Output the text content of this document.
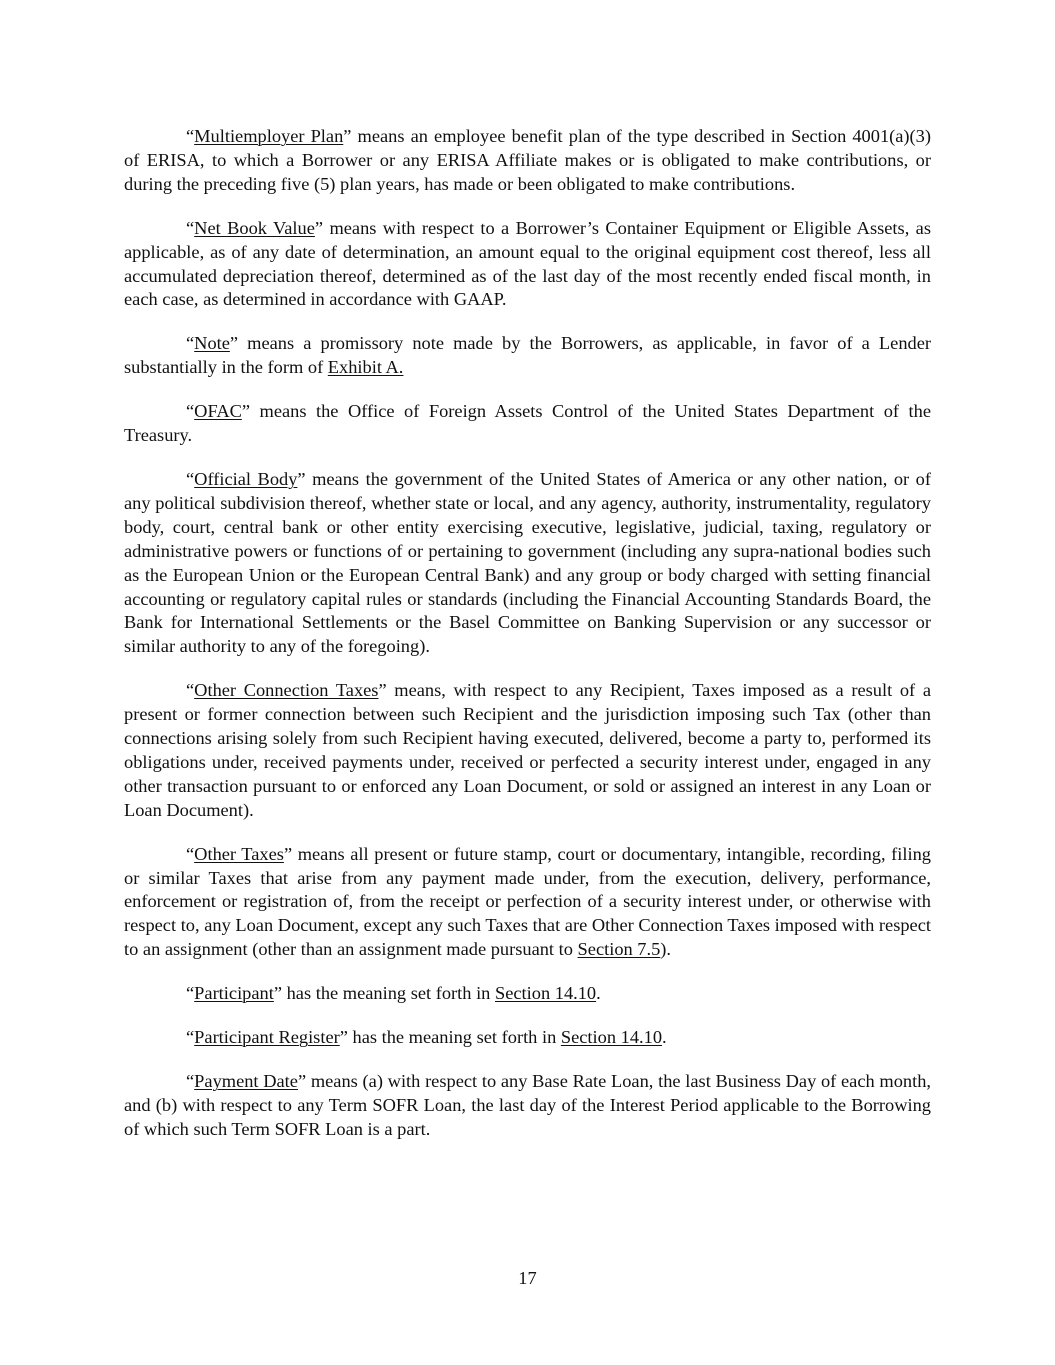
“Multiemployer Plan” means an employee benefit plan of the type described in Section 4001(a)(3) of ERISA, to which a Borrower or any ERISA Affiliate makes or is obligated to make contributions, or during the preceding five (5) plan years, has made or been obligated to make contributions.

“Net Book Value” means with respect to a Borrower’s Container Equipment or Eligible Assets, as applicable, as of any date of determination, an amount equal to the original equipment cost thereof, less all accumulated depreciation thereof, determined as of the last day of the most recently ended fiscal month, in each case, as determined in accordance with GAAP.

“Note” means a promissory note made by the Borrowers, as applicable, in favor of a Lender substantially in the form of Exhibit A.

“OFAC” means the Office of Foreign Assets Control of the United States Department of the Treasury.

“Official Body” means the government of the United States of America or any other nation, or of any political subdivision thereof, whether state or local, and any agency, authority, instrumentality, regulatory body, court, central bank or other entity exercising executive, legislative, judicial, taxing, regulatory or administrative powers or functions of or pertaining to government (including any supra-national bodies such as the European Union or the European Central Bank) and any group or body charged with setting financial accounting or regulatory capital rules or standards (including the Financial Accounting Standards Board, the Bank for International Settlements or the Basel Committee on Banking Supervision or any successor or similar authority to any of the foregoing).

“Other Connection Taxes” means, with respect to any Recipient, Taxes imposed as a result of a present or former connection between such Recipient and the jurisdiction imposing such Tax (other than connections arising solely from such Recipient having executed, delivered, become a party to, performed its obligations under, received payments under, received or perfected a security interest under, engaged in any other transaction pursuant to or enforced any Loan Document, or sold or assigned an interest in any Loan or Loan Document).

“Other Taxes” means all present or future stamp, court or documentary, intangible, recording, filing or similar Taxes that arise from any payment made under, from the execution, delivery, performance, enforcement or registration of, from the receipt or perfection of a security interest under, or otherwise with respect to, any Loan Document, except any such Taxes that are Other Connection Taxes imposed with respect to an assignment (other than an assignment made pursuant to Section 7.5).

“Participant” has the meaning set forth in Section 14.10.

“Participant Register” has the meaning set forth in Section 14.10.

“Payment Date” means (a) with respect to any Base Rate Loan, the last Business Day of each month, and (b) with respect to any Term SOFR Loan, the last day of the Interest Period applicable to the Borrowing of which such Term SOFR Loan is a part.

17
